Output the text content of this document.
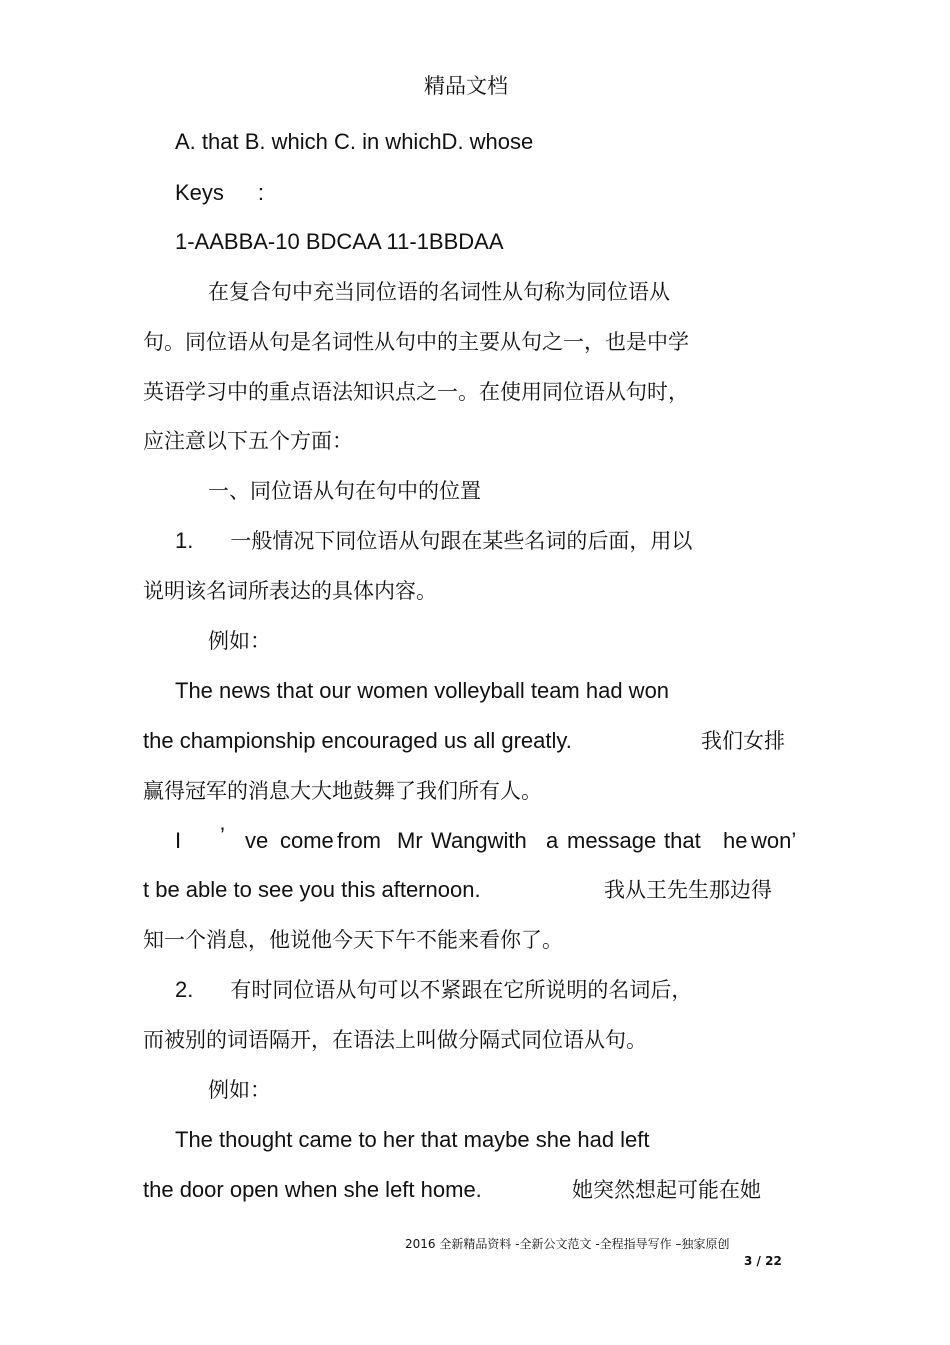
精品文档
A. that B. which C. in whichD. whose
Keys :
1-AABBA-10 BDCAA 11-1BBDAA
在复合句中充当同位语的名词性从句称为同位语从
句。同位语从句是名词性从句中的主要从句之一，也是中学
英语学习中的重点语法知识点之一。在使用同位语从句时，
应注意以下五个方面：
一、同位语从句在句中的位置
1. 一般情况下同位语从句跟在某些名词的后面，用以
说明该名词所表达的具体内容。
例如：
The news that our women volleyball team had won
the championship encouraged us all greatly.	我们女排
赢得冠军的消息大大地鼓舞了我们所有人。
I ’ ve come from Mr Wangwith a message that he won’
t be able to see you this afternoon.	我从王先生那边得
知一个消息，他说他今天下午不能来看你了。
2. 有时同位语从句可以不紧跟在它所说明的名词后，
而被别的词语隔开，在语法上叫做分隔式同位语从句。
例如：
The thought came to her that maybe she had left
the door open when she left home.	她突然想起可能在她
2016 全新精品资料 -全新公文范文 -全程指导写作 –独家原创
3 / 22
